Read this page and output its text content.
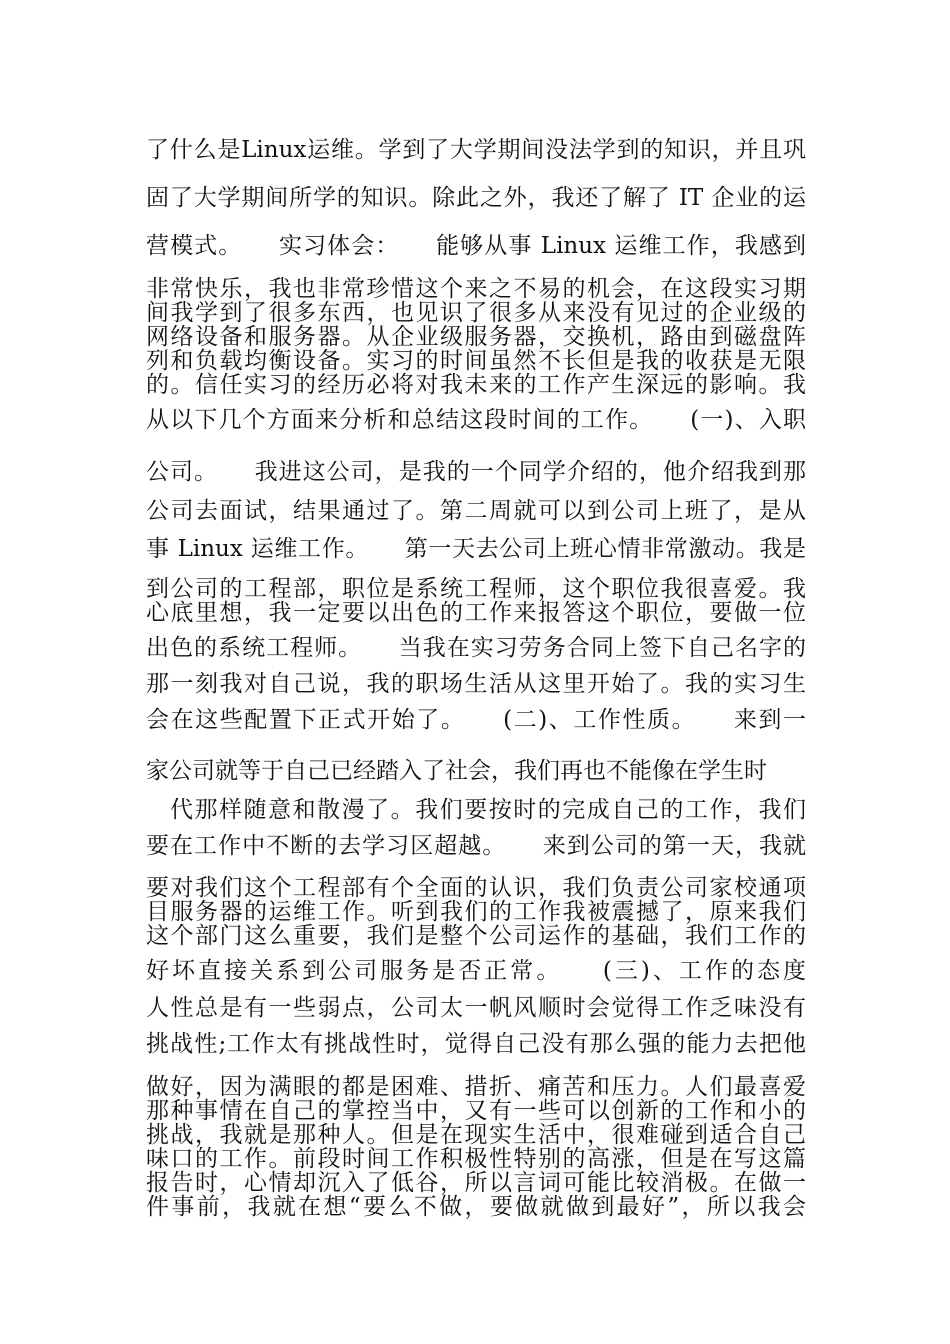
了什么是Linux运维。学到了大学期间没法学到的知识，并且巩
固了大学期间所学的知识。除此之外，我还了解了 IT 企业的运
营模式。　　实习体会：　　能够从事 Linux 运维工作，我感到
非常快乐，我也非常珍惜这个来之不易的机会，在这段实习期
间我学到了很多东西，也见识了很多从来没有见过的企业级的
网络设备和服务器。从企业级服务器，交换机，路由到磁盘阵
列和负载均衡设备。实习的时间虽然不长但是我的收获是无限
的。信任实习的经历必将对我未来的工作产生深远的影响。我
从以下几个方面来分析和总结这段时间的工作。　　(一)、入职
公司。　　我进这公司，是我的一个同学介绍的，他介绍我到那
公司去面试，结果通过了。第二周就可以到公司上班了，是从
事 Linux 运维工作。　　第一天去公司上班心情非常激动。我是
到公司的工程部，职位是系统工程师，这个职位我很喜爱。我
心底里想，我一定要以出色的工作来报答这个职位，要做一位
出色的系统工程师。　　当我在实习劳务合同上签下自己名字的
那一刻我对自己说，我的职场生活从这里开始了。我的实习生
会在这些配置下正式开始了。　　(二)、工作性质。　　来到一
家公司就等于自己已经踏入了社会，我们再也不能像在学生时
代那样随意和散漫了。我们要按时的完成自己的工作，我们
要在工作中不断的去学习区超越。　　来到公司的第一天，我就
要对我们这个工程部有个全面的认识，我们负责公司家校通项
目服务器的运维工作。听到我们的工作我被震撼了，原来我们
这个部门这么重要，我们是整个公司运作的基础，我们工作的
好坏直接关系到公司服务是否正常。　　(三)、工作的态度
人性总是有一些弱点，公司太一帆风顺时会觉得工作乏味没有
挑战性;工作太有挑战性时，觉得自己没有那么强的能力去把他
做好，因为满眼的都是困难、措折、痛苦和压力。人们最喜爱
那种事情在自己的掌控当中，又有一些可以创新的工作和小的
挑战，我就是那种人。但是在现实生活中，很难碰到适合自己
味口的工作。前段时间工作积极性特别的高涨，但是在写这篇
报告时，心情却沉入了低谷，所以言词可能比较消极。在做一
件事前，我就在想“要么不做，要做就做到最好”，所以我会
